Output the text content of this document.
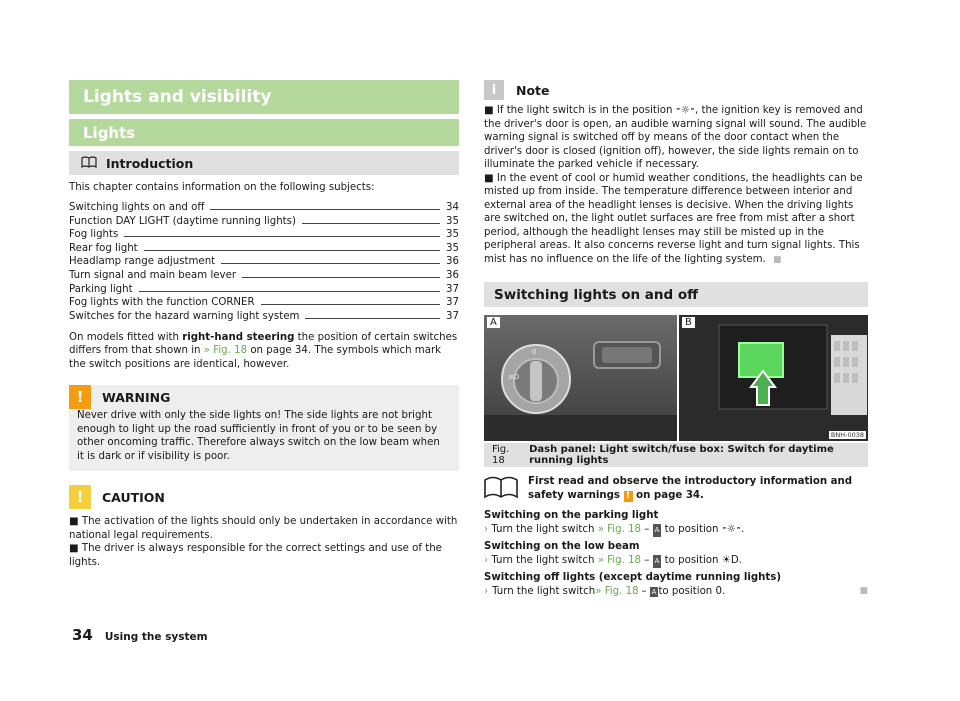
Lights and visibility
Lights
Introduction
This chapter contains information on the following subjects:
Switching lights on and off	34
Function DAY LIGHT (daytime running lights)	35
Fog lights	35
Rear fog light	35
Headlamp range adjustment	36
Turn signal and main beam lever	36
Parking light	37
Fog lights with the function CORNER	37
Switches for the hazard warning light system	37
On models fitted with right-hand steering the position of certain switches differs from that shown in » Fig. 18 on page 34. The symbols which mark the switch positions are identical, however.
!	WARNING
Never drive with only the side lights on! The side lights are not bright enough to light up the road sufficiently in front of you or to be seen by other oncoming traffic. Therefore always switch on the low beam when it is dark or if visibility is poor.
!	CAUTION
■ The activation of the lights should only be undertaken in accordance with national legal requirements.
■ The driver is always responsible for the correct settings and use of the lights.
i	Note
■ If the light switch is in the position ⁃☼⁃, the ignition key is removed and the driver's door is open, an audible warning signal will sound. The audible warning signal is switched off by means of the door contact when the driver's door is closed (ignition off), however, the side lights remain on to illuminate the parked vehicle if necessary.
■ In the event of cool or humid weather conditions, the headlights can be misted up from inside. The temperature difference between interior and external area of the headlight lenses is decisive. When the driving lights are switched on, the light outlet surfaces are free from mist after a short period, although the headlight lenses may still be misted up in the peripheral areas. It also concerns reverse light and turn signal lights. This mist has no influence on the life of the lighting system. ■
Switching lights on and off
A
0
≡D
B
BNH-0038
Fig. 18
Dash panel: Light switch/fuse box: Switch for daytime running lights
First read and observe the introductory information and safety warnings ! on page 34.
Switching on the parking light
› Turn the light switch » Fig. 18 – A to position ⁃☼⁃.
Switching on the low beam
› Turn the light switch » Fig. 18 – A to position ☀D.
Switching off lights (except daytime running lights)
› Turn the light switch » Fig. 18 – A to position 0.	■
34 Using the system
